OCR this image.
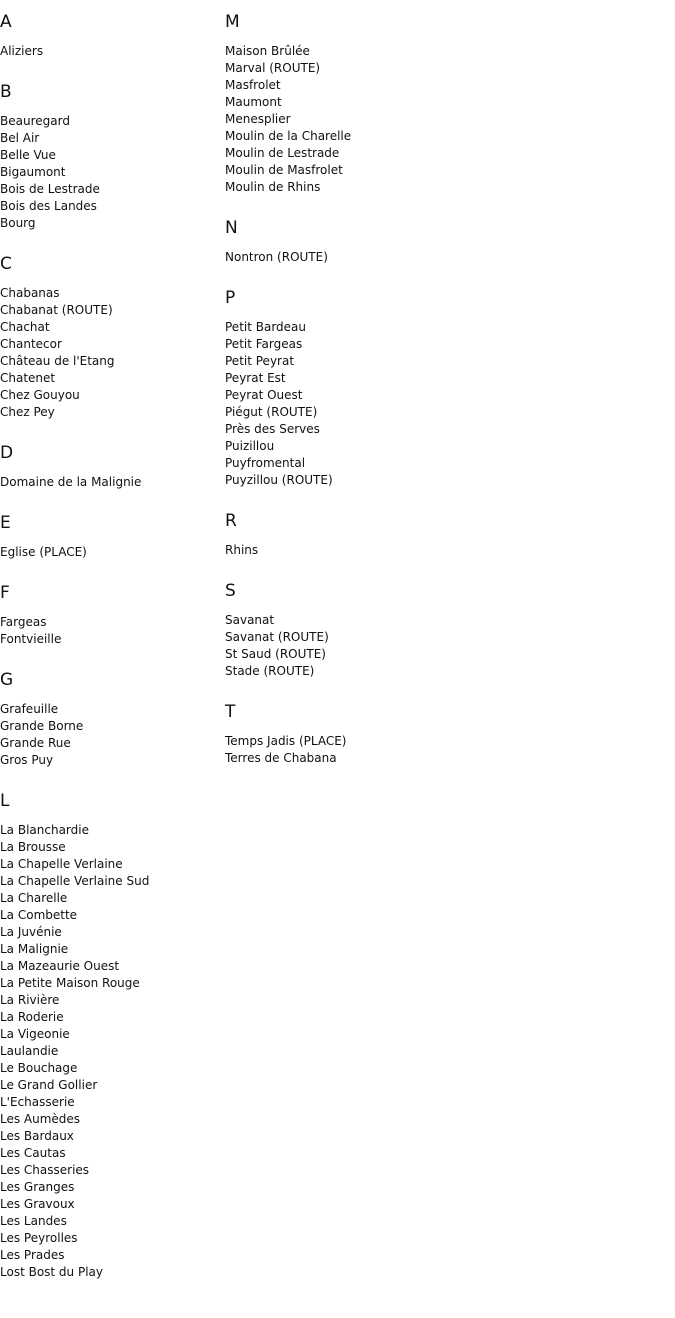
A
Aliziers
B
Beauregard
Bel Air
Belle Vue
Bigaumont
Bois de Lestrade
Bois des Landes
Bourg
C
Chabanas
Chabanat (ROUTE)
Chachat
Chantecor
Château de l'Etang
Chatenet
Chez Gouyou
Chez Pey
D
Domaine de la Malignie
E
Eglise (PLACE)
F
Fargeas
Fontvieille
G
Grafeuille
Grande Borne
Grande Rue
Gros Puy
L
La Blanchardie
La Brousse
La Chapelle Verlaine
La Chapelle Verlaine Sud
La Charelle
La Combette
La Juvénie
La Malignie
La Mazeaurie Ouest
La Petite Maison Rouge
La Rivière
La Roderie
La Vigeonie
Laulandie
Le Bouchage
Le Grand Gollier
L'Echasserie
Les Aumèdes
Les Bardaux
Les Cautas
Les Chasseries
Les Granges
Les Gravoux
Les Landes
Les Peyrolles
Les Prades
Lost Bost du Play
M
Maison Brûlée
Marval (ROUTE)
Masfrolet
Maumont
Menesplier
Moulin de la Charelle
Moulin de Lestrade
Moulin de Masfrolet
Moulin de Rhins
N
Nontron (ROUTE)
P
Petit Bardeau
Petit Fargeas
Petit Peyrat
Peyrat Est
Peyrat Ouest
Piégut (ROUTE)
Près des Serves
Puizillou
Puyfromental
Puyzillou (ROUTE)
R
Rhins
S
Savanat
Savanat (ROUTE)
St Saud (ROUTE)
Stade (ROUTE)
T
Temps Jadis (PLACE)
Terres de Chabana
